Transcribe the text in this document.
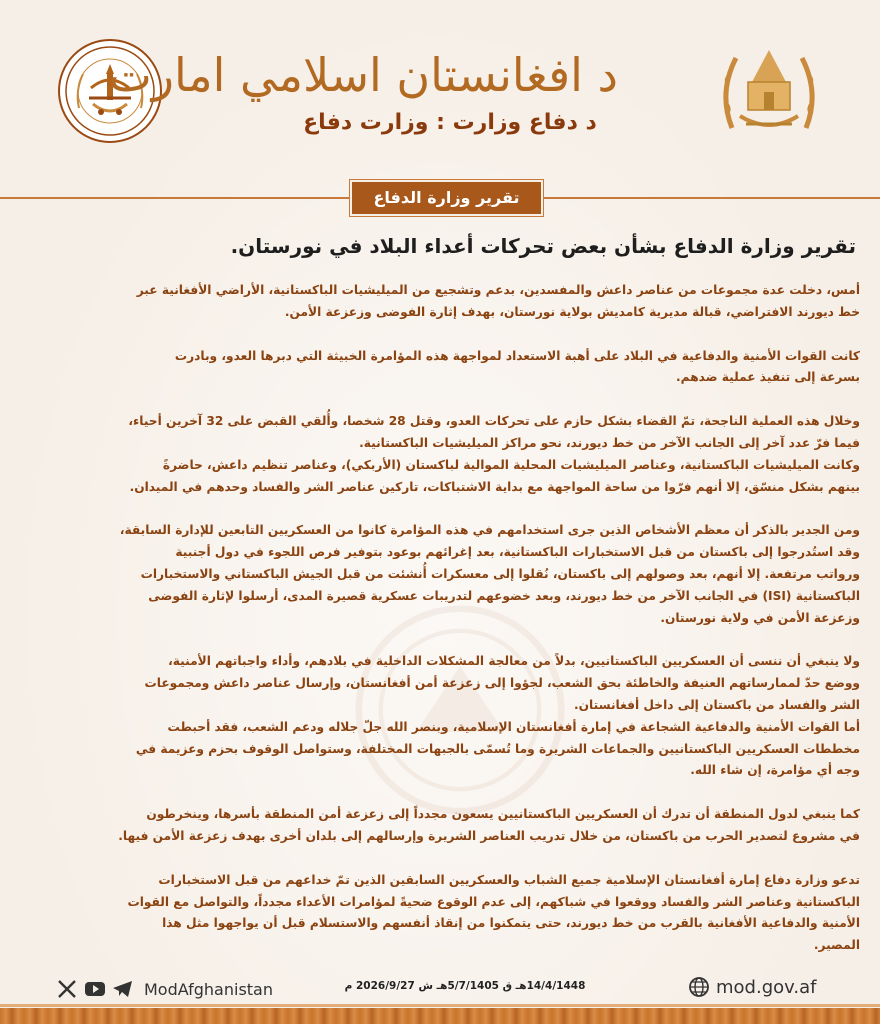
د افغانستان اسلامي امارت
د دفاع وزارت : وزارت دفاع
تقرير وزارة الدفاع
تقرير وزارة الدفاع بشأن بعض تحركات أعداء البلاد في نورستان.

أمس، دخلت عدة مجموعات من عناصر داعش والمفسدين، بدعم وتشجيع من الميليشيات الباكستانية، الأراضي الأفغانية عبر
خط ديورند الافتراضي، قبالة مديرية كامديش بولاية نورستان، بهدف إثارة الفوضى وزعزعة الأمن.

كانت القوات الأمنية والدفاعية في البلاد على أهبة الاستعداد لمواجهة هذه المؤامرة الخبيثة التي دبرها العدو، وبادرت
بسرعة إلى تنفيذ عملية ضدهم.

وخلال هذه العملية الناجحة، تمّ القضاء بشكل حازم على تحركات العدو، وقتل 28 شخصا، وأُلقي القبض على 32 آخرين أحياء،
فيما فرّ عدد آخر إلى الجانب الآخر من خط ديورند، نحو مراكز الميليشيات الباكستانية.

وكانت الميليشيات الباكستانية، وعناصر الميليشيات المحلية الموالية لباكستان (الأربكي)، وعناصر تنظيم داعش، حاضرةً
بينهم بشكل منسّق، إلا أنهم فرّوا من ساحة المواجهة مع بداية الاشتباكات، تاركين عناصر الشر والفساد وحدهم في الميدان.

ومن الجدير بالذكر أن معظم الأشخاص الذين جرى استخدامهم في هذه المؤامرة كانوا من العسكريين التابعين للإدارة السابقة،
وقد استُدرجوا إلى باكستان من قبل الاستخبارات الباكستانية، بعد إغرائهم بوعود بتوفير فرص اللجوء في دول أجنبية
ورواتب مرتفعة. إلا أنهم، بعد وصولهم إلى باكستان، نُقلوا إلى معسكرات أُنشئت من قبل الجيش الباكستاني والاستخبارات
الباكستانية (ISI) في الجانب الآخر من خط ديورند، وبعد خضوعهم لتدريبات عسكرية قصيرة المدى، أرسلوا لإثارة الفوضى
وزعزعة الأمن في ولاية نورستان.

ولا ينبغي أن ننسى أن العسكريين الباكستانيين، بدلاً من معالجة المشكلات الداخلية في بلادهم، وأداء واجباتهم الأمنية،
ووضع حدّ لممارساتهم العنيفة والخاطئة بحق الشعب، لجؤوا إلى زعزعة أمن أفغانستان، وإرسال عناصر داعش ومجموعات
الشر والفساد من باكستان إلى داخل أفغانستان.

أما القوات الأمنية والدفاعية الشجاعة في إمارة أفغانستان الإسلامية، وبنصر الله جلّ جلاله ودعم الشعب، فقد أحبطت
مخططات العسكريين الباكستانيين والجماعات الشريرة وما تُسمّى بالجبهات المختلفة، وستواصل الوقوف بحزم وعزيمة في
وجه أي مؤامرة، إن شاء الله.

كما ينبغي لدول المنطقة أن تدرك أن العسكريين الباكستانيين يسعون مجدداً إلى زعزعة أمن المنطقة بأسرها، وينخرطون
في مشروع لتصدير الحرب من باكستان، من خلال تدريب العناصر الشريرة وإرسالهم إلى بلدان أخرى بهدف زعزعة الأمن فيها.

تدعو وزارة دفاع إمارة أفغانستان الإسلامية جميع الشباب والعسكريين السابقين الذين تمّ خداعهم من قبل الاستخبارات
الباكستانية وعناصر الشر والفساد ووقعوا في شباكهم، إلى عدم الوقوع ضحيةً لمؤامرات الأعداء مجدداً، والتواصل مع القوات
الأمنية والدفاعية الأفغانية بالقرب من خط ديورند، حتى يتمكنوا من إنقاذ أنفسهم والاستسلام قبل أن يواجهوا مثل هذا
المصير.

ModAfghanistan	14/4/1448هـ ق 5/7/1405هـ ش 2026/9/27 م	mod.gov.af
